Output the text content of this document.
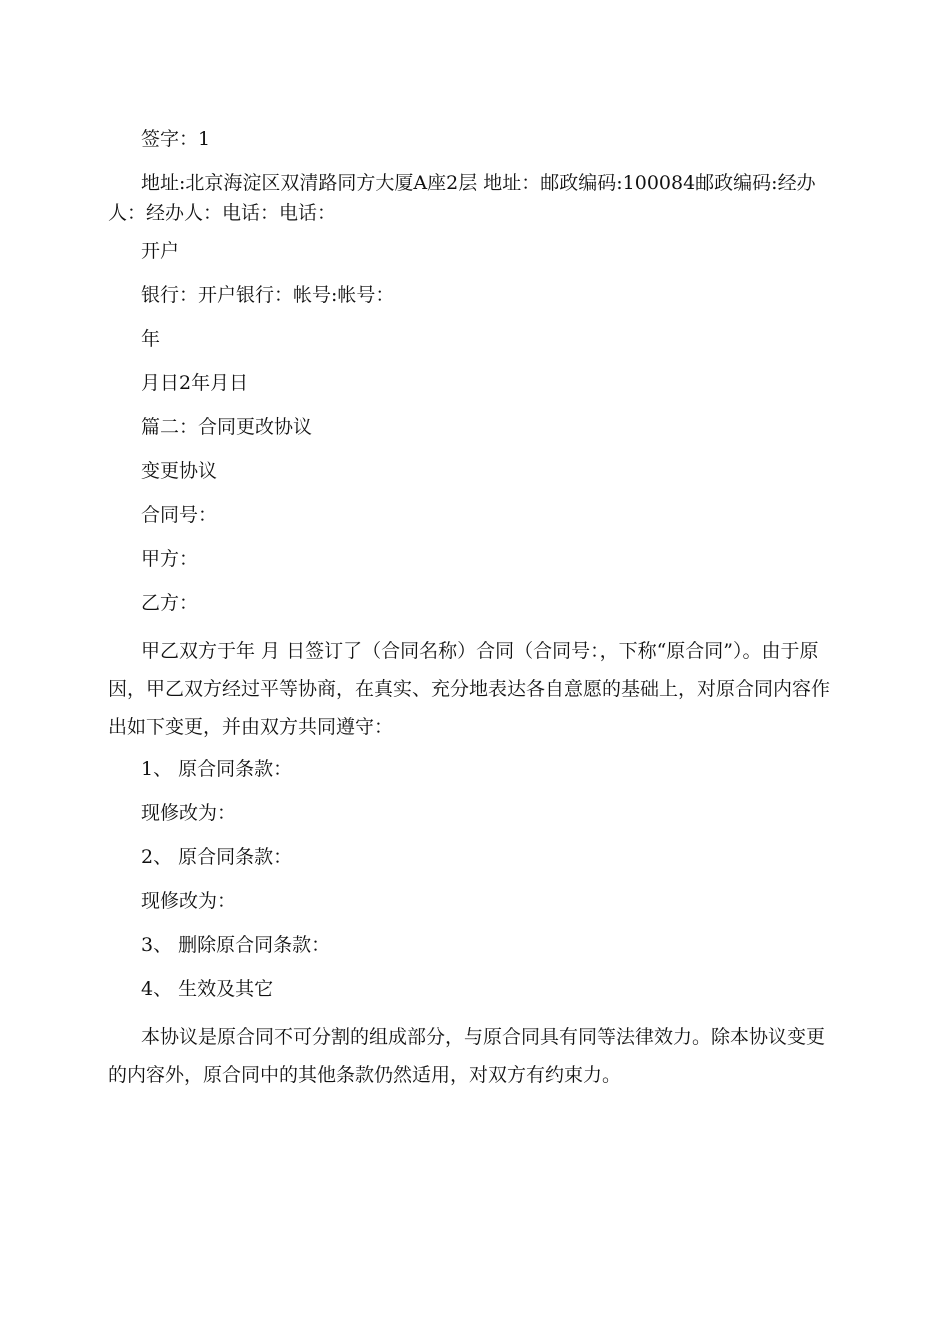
签字：1

地址:北京海淀区双清路同方大厦A座2层 地址：邮政编码:100084邮政编码:经办人：经办人：电话：电话：

开户

银行：开户银行：帐号:帐号：

年

月日2年月日

篇二：合同更改协议

变更协议

合同号：

甲方：

乙方：

甲乙双方于年 月 日签订了（合同名称）合同（合同号：，下称“原合同”）。由于原因，甲乙双方经过平等协商，在真实、充分地表达各自意愿的基础上，对原合同内容作出如下变更，并由双方共同遵守：

1、 原合同条款：

现修改为：

2、 原合同条款：

现修改为：

3、 删除原合同条款：

4、 生效及其它

本协议是原合同不可分割的组成部分，与原合同具有同等法律效力。除本协议变更的内容外，原合同中的其他条款仍然适用，对双方有约束力。
